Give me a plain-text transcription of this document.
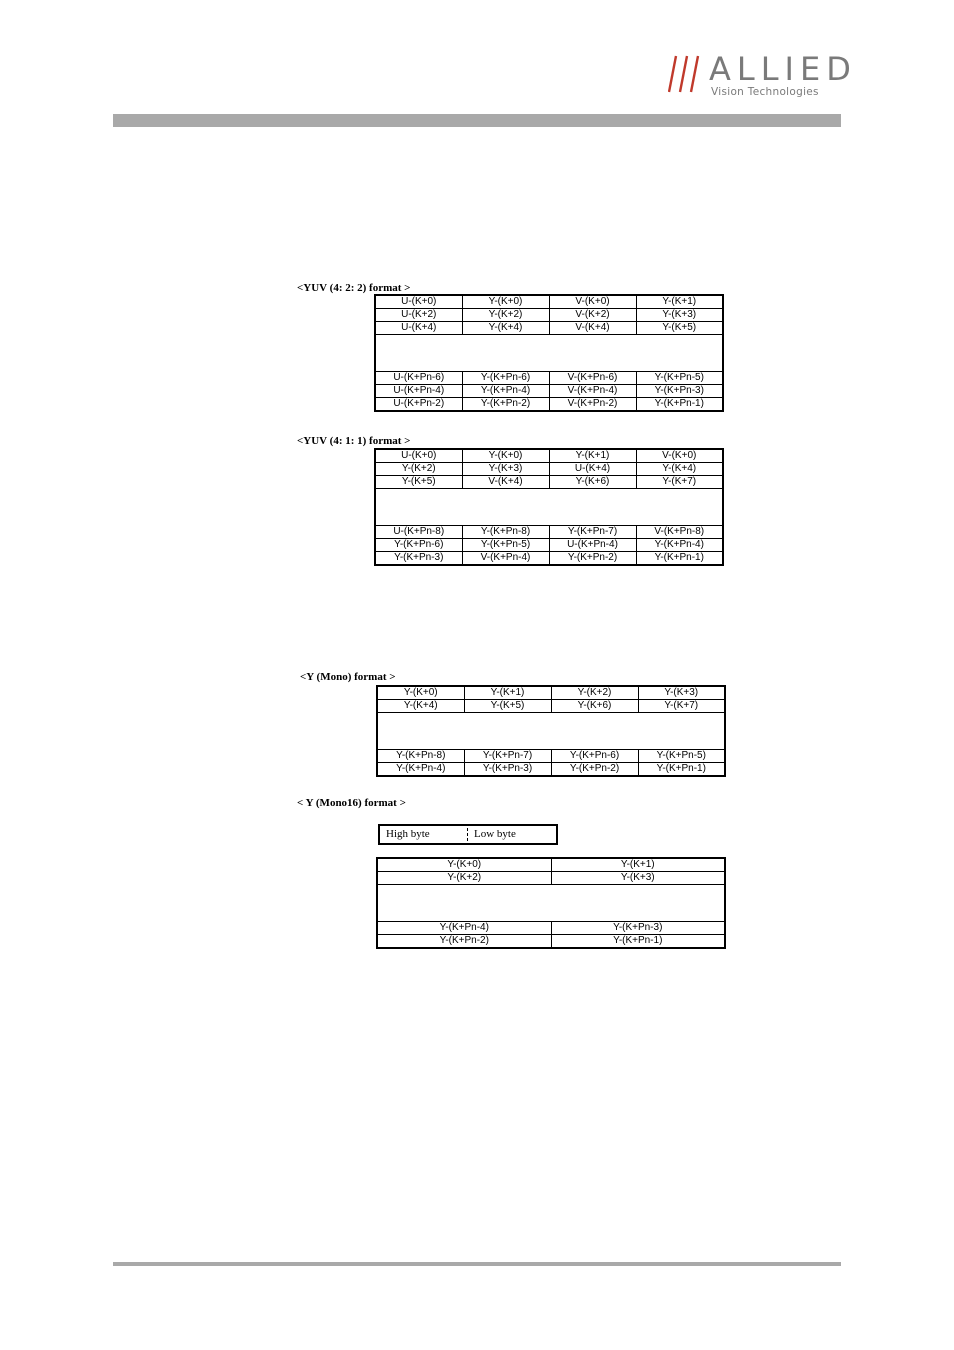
ALLIED
Vision Technologies
<YUV (4: 2: 2) format >
U-(K+0)	Y-(K+0)	V-(K+0)	Y-(K+1)
U-(K+2)	Y-(K+2)	V-(K+2)	Y-(K+3)
U-(K+4)	Y-(K+4)	V-(K+4)	Y-(K+5)

U-(K+Pn-6)	Y-(K+Pn-6)	V-(K+Pn-6)	Y-(K+Pn-5)
U-(K+Pn-4)	Y-(K+Pn-4)	V-(K+Pn-4)	Y-(K+Pn-3)
U-(K+Pn-2)	Y-(K+Pn-2)	V-(K+Pn-2)	Y-(K+Pn-1)
<YUV (4: 1: 1) format >
U-(K+0)	Y-(K+0)	Y-(K+1)	V-(K+0)
Y-(K+2)	Y-(K+3)	U-(K+4)	Y-(K+4)
Y-(K+5)	V-(K+4)	Y-(K+6)	Y-(K+7)

U-(K+Pn-8)	Y-(K+Pn-8)	Y-(K+Pn-7)	V-(K+Pn-8)
Y-(K+Pn-6)	Y-(K+Pn-5)	U-(K+Pn-4)	Y-(K+Pn-4)
Y-(K+Pn-3)	V-(K+Pn-4)	Y-(K+Pn-2)	Y-(K+Pn-1)
<Y (Mono) format >
Y-(K+0)	Y-(K+1)	Y-(K+2)	Y-(K+3)
Y-(K+4)	Y-(K+5)	Y-(K+6)	Y-(K+7)

Y-(K+Pn-8)	Y-(K+Pn-7)	Y-(K+Pn-6)	Y-(K+Pn-5)
Y-(K+Pn-4)	Y-(K+Pn-3)	Y-(K+Pn-2)	Y-(K+Pn-1)
< Y (Mono16) format >
High byte	Low byte
Y-(K+0)	Y-(K+1)
Y-(K+2)	Y-(K+3)

Y-(K+Pn-4)	Y-(K+Pn-3)
Y-(K+Pn-2)	Y-(K+Pn-1)
